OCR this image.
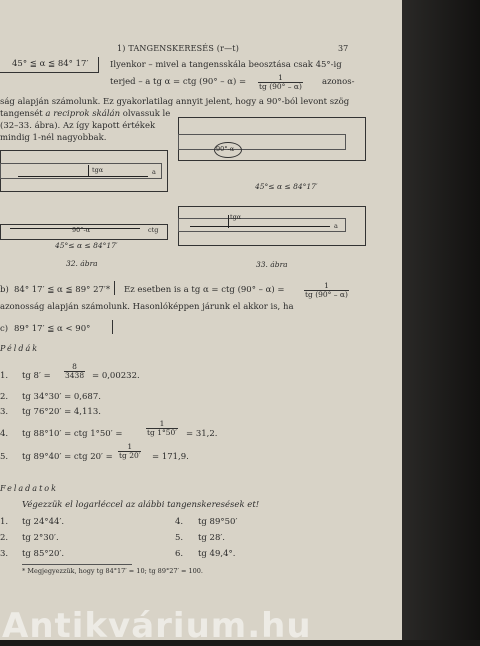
1) TANGENSKERESÉS (r—t)	37
45° ≦ α ≦ 84° 17′	Ilyenkor – mivel a tangensskála beosztása csak 45°-ig
terjed – a tg α = ctg $(90^\circ - \alpha) = \frac{1}{tg (90^\circ - \alpha)}$ azonos-
ság alapján számolunk. Ez gyakorlatilag annyit jelent, hogy a 90°-ból levont szög
tangensét a reciprok skálán olvassuk le
(32–33. ábra). Az így kapott értékek
mindig 1-nél nagyobbak.
tgα	a
90°-α	ctg
45°≤ α ≤ 84°17′
32. ábra
90°-α
45°≤ α ≤ 84°17′
tgα
a
33. ábra
b) 84° 17′ ≦ α ≦ 89° 27′* Ez esetben is a tg α = ctg (90° – α) =	$\frac{1}{tg (90^\circ - \alpha)}$
azonosság alapján számolunk. Hasonlóképpen járunk el akkor is, ha
c) 89° 17′ ≦ α < 90°
Példák
1. tg $8' = \frac{8}{3438} = 0,00232$.
2. tg 34°30′ = 0,687.
3. tg 76°20′ = 4,113.
4. tg 88°10′ = ctg 1°50′ =	$\frac{1}{tg 1^\circ 50'} = 31,2$.
5. tg 89°40′ = ctg $20' = \frac{1}{tg 20'} = 171,9$.
Feladatok
Végezzük el logarléccel az alábbi tangenskeresések et!
1. tg 24°44′.
2. tg 2°30′.
3. tg 85°20′.
4. tg 89°50′
5. tg 28′.
6. tg 49,4°.
* Megjegyezzük, hogy tg 84°17′ = 10; tg 89°27′ = 100.
Antikvárium.hu
